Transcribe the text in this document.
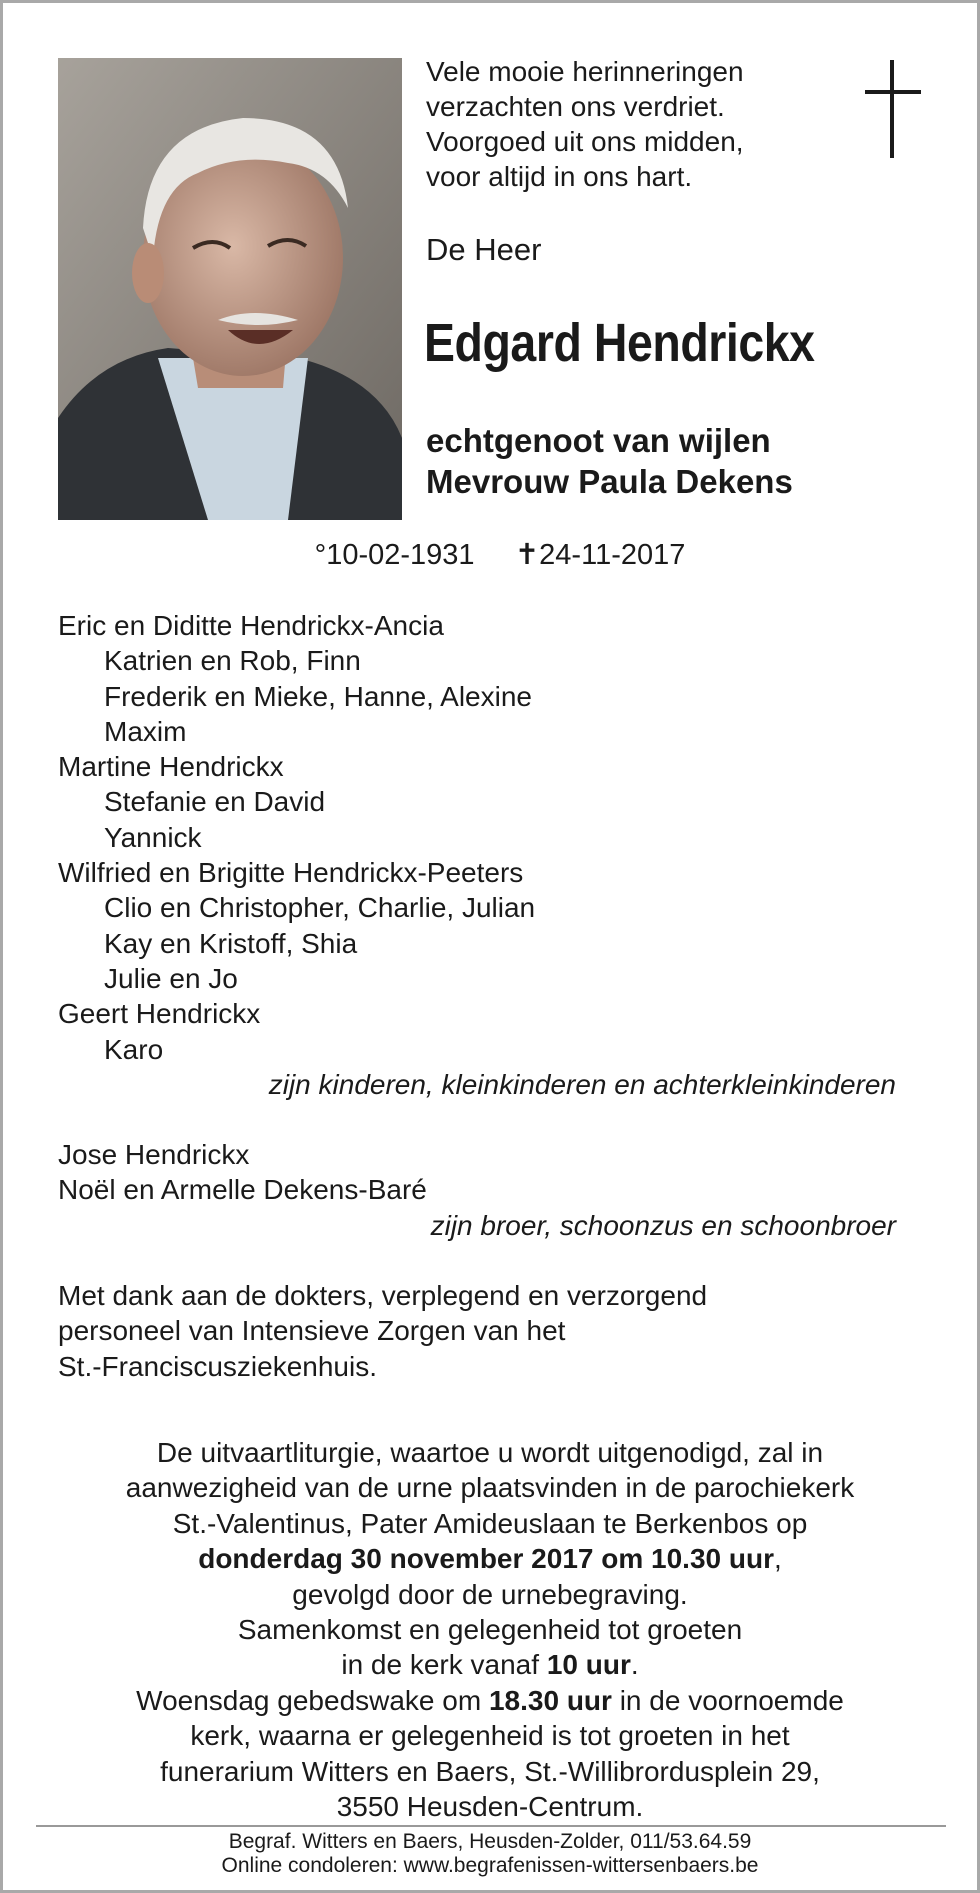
Vele mooie herinneringen
verzachten ons verdriet.
Voorgoed uit ons midden,
voor altijd in ons hart.
De Heer
Edgard Hendrickx
echtgenoot van wijlen
Mevrouw Paula Dekens
°10-02-1931 ✝24-11-2017
Eric en Diditte Hendrickx-Ancia
Katrien en Rob, Finn
Frederik en Mieke, Hanne, Alexine
Maxim
Martine Hendrickx
Stefanie en David
Yannick
Wilfried en Brigitte Hendrickx-Peeters
Clio en Christopher, Charlie, Julian
Kay en Kristoff, Shia
Julie en Jo
Geert Hendrickx
Karo
zijn kinderen, kleinkinderen en achterkleinkinderen
Jose Hendrickx
Noël en Armelle Dekens-Baré
zijn broer, schoonzus en schoonbroer
Met dank aan de dokters, verplegend en verzorgend
personeel van Intensieve Zorgen van het
St.-Franciscusziekenhuis.
De uitvaartliturgie, waartoe u wordt uitgenodigd, zal in
aanwezigheid van de urne plaatsvinden in de parochiekerk
St.-Valentinus, Pater Amideuslaan te Berkenbos op
donderdag 30 november 2017 om 10.30 uur,
gevolgd door de urnebegraving.
Samenkomst en gelegenheid tot groeten
in de kerk vanaf 10 uur.
Woensdag gebedswake om 18.30 uur in de voornoemde
kerk, waarna er gelegenheid is tot groeten in het
funerarium Witters en Baers, St.-Willibrordusplein 29,
3550 Heusden-Centrum.
Begraf. Witters en Baers, Heusden-Zolder, 011/53.64.59
Online condoleren: www.begrafenissen-wittersenbaers.be
